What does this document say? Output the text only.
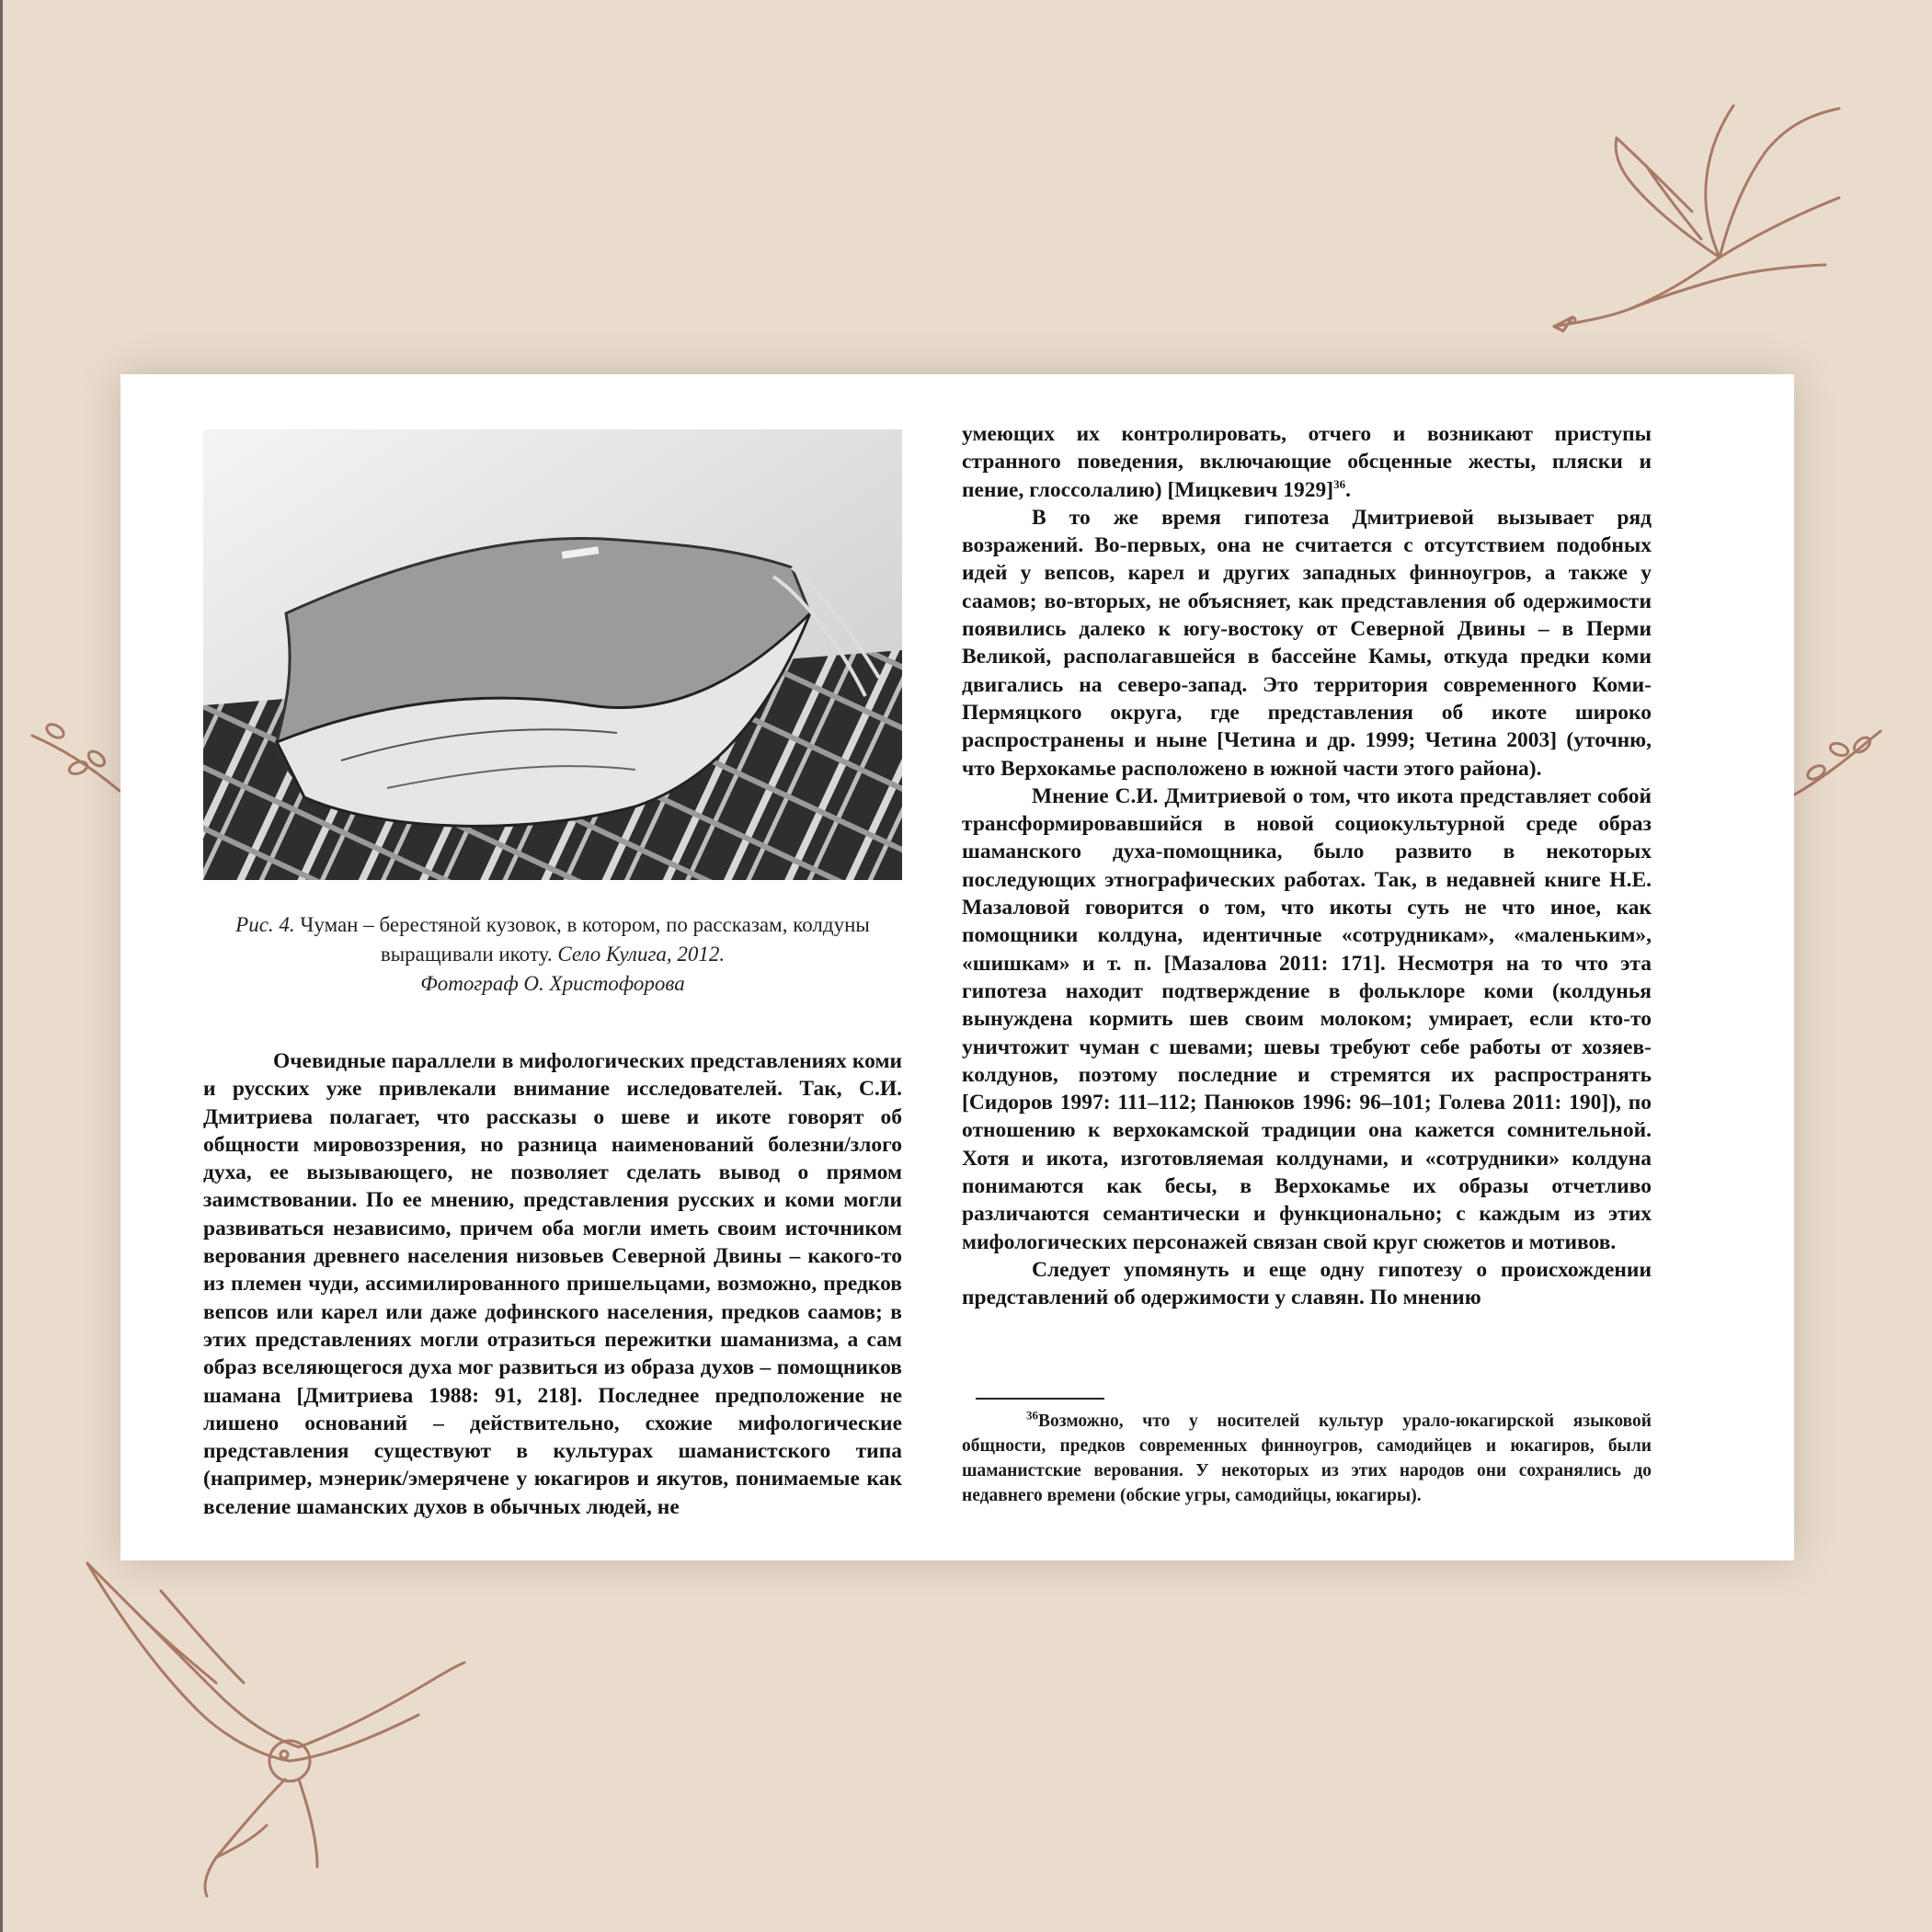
Рис. 4. Чуман – берестяной кузовок, в котором, по рассказам, колдуны выращивали икоту. Село Кулига, 2012.
Фотограф О. Христофорова

Очевидные параллели в мифологических представлениях коми и русских уже привлекали внимание исследователей. Так, С.И. Дмитриева полагает, что рассказы о шеве и икоте говорят об общности мировоззрения, но разница наименований болезни/злого духа, ее вызывающего, не позволяет сделать вывод о прямом заимствовании. По ее мнению, представления русских и коми могли развиваться независимо, причем оба могли иметь своим источником верования древнего населения низовьев Северной Двины – какого-то из племен чуди, ассимилированного пришельцами, возможно, предков вепсов или карел или даже дофинского населения, предков саамов; в этих представлениях могли отразиться пережитки шаманизма, а сам образ вселяющегося духа мог развиться из образа духов – помощников шамана [Дмитриева 1988: 91, 218]. Последнее предположение не лишено оснований – действительно, схожие мифологические представления существуют в культурах шаманистского типа (например, мэнерик/эмерячене у юкагиров и якутов, понимаемые как вселение шаманских духов в обычных людей, не

умеющих их контролировать, отчего и возникают приступы странного поведения, включающие обсценные жесты, пляски и пение, глоссолалию) [Мицкевич 1929]$^{36}$.

В то же время гипотеза Дмитриевой вызывает ряд возражений. Во-первых, она не считается с отсутствием подобных идей у вепсов, карел и других западных финноугров, а также у саамов; во-вторых, не объясняет, как представления об одержимости появились далеко к югу-востоку от Северной Двины – в Перми Великой, располагавшейся в бассейне Камы, откуда предки коми двигались на северо-запад. Это территория современного Коми-Пермяцкого округа, где представления об икоте широко распространены и ныне [Четина и др. 1999; Четина 2003] (уточню, что Верхокамье расположено в южной части этого района).

Мнение С.И. Дмитриевой о том, что икота представляет собой трансформировавшийся в новой социокультурной среде образ шаманского духа-помощника, было развито в некоторых последующих этнографических работах. Так, в недавней книге Н.Е. Мазаловой говорится о том, что икоты суть не что иное, как помощники колдуна, идентичные «сотрудникам», «маленьким», «шишкам» и т. п. [Мазалова 2011: 171]. Несмотря на то что эта гипотеза находит подтверждение в фольклоре коми (колдунья вынуждена кормить шев своим молоком; умирает, если кто-то уничтожит чуман с шевами; шевы требуют себе работы от хозяев-колдунов, поэтому последние и стремятся их распространять [Сидоров 1997: 111–112; Панюков 1996: 96–101; Голева 2011: 190]), по отношению к верхокамской традиции она кажется сомнительной. Хотя и икота, изготовляемая колдунами, и «сотрудники» колдуна понимаются как бесы, в Верхокамье их образы отчетливо различаются семантически и функционально; с каждым из этих мифологических персонажей связан свой круг сюжетов и мотивов.

Следует упомянуть и еще одну гипотезу о происхождении представлений об одержимости у славян. По мнению

$^{36}$Возможно, что у носителей культур урало-юкагирской языковой общности, предков современных финноугров, самодийцев и юкагиров, были шаманистские верования. У некоторых из этих народов они сохранялись до недавнего времени (обские угры, самодийцы, юкагиры).
